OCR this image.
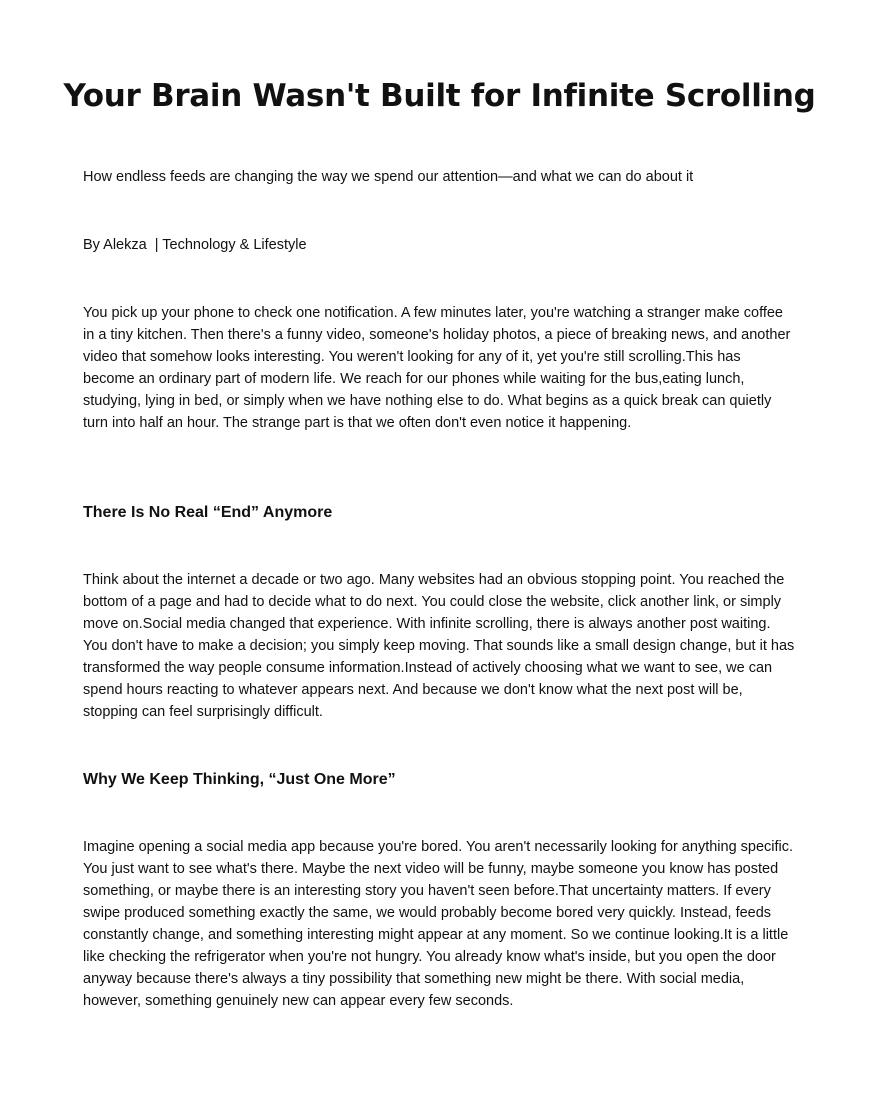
Your Brain Wasn't Built for Infinite Scrolling

How endless feeds are changing the way we spend our attention—and what we can do about it

By Alekza  | Technology & Lifestyle

You pick up your phone to check one notification. A few minutes later, you're watching a stranger make coffee in a tiny kitchen. Then there's a funny video, someone's holiday photos, a piece of breaking news, and another video that somehow looks interesting. You weren't looking for any of it, yet you're still scrolling.This has become an ordinary part of modern life. We reach for our phones while waiting for the bus,eating lunch, studying, lying in bed, or simply when we have nothing else to do. What begins as a quick break can quietly turn into half an hour. The strange part is that we often don't even notice it happening.

There Is No Real “End” Anymore

Think about the internet a decade or two ago. Many websites had an obvious stopping point. You reached the bottom of a page and had to decide what to do next. You could close the website, click another link, or simply move on.Social media changed that experience. With infinite scrolling, there is always another post waiting. You don't have to make a decision; you simply keep moving. That sounds like a small design change, but it has transformed the way people consume information.Instead of actively choosing what we want to see, we can spend hours reacting to whatever appears next. And because we don't know what the next post will be, stopping can feel surprisingly difficult.

Why We Keep Thinking, “Just One More”

Imagine opening a social media app because you're bored. You aren't necessarily looking for anything specific. You just want to see what's there. Maybe the next video will be funny, maybe someone you know has posted something, or maybe there is an interesting story you haven't seen before.That uncertainty matters. If every swipe produced something exactly the same, we would probably become bored very quickly. Instead, feeds constantly change, and something interesting might appear at any moment. So we continue looking.It is a little like checking the refrigerator when you're not hungry. You already know what's inside, but you open the door anyway because there's always a tiny possibility that something new might be there. With social media, however, something genuinely new can appear every few seconds.
